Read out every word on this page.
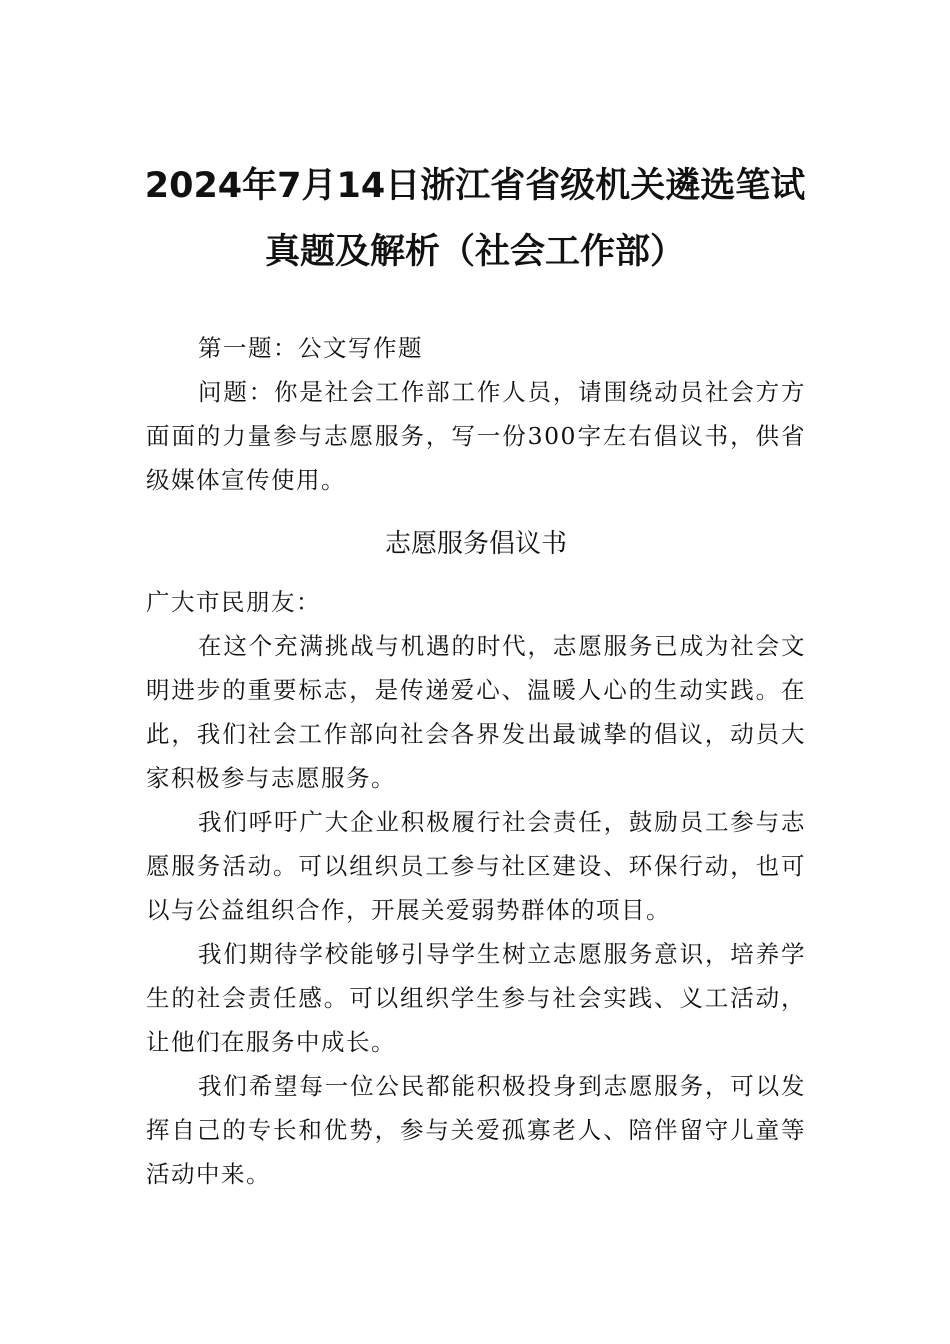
2024年7月14日浙江省省级机关遴选笔试
真题及解析（社会工作部）

第一题：公文写作题

问题：你是社会工作部工作人员，请围绕动员社会方方面面的力量参与志愿服务，写一份300字左右倡议书，供省级媒体宣传使用。

志愿服务倡议书

广大市民朋友：

在这个充满挑战与机遇的时代，志愿服务已成为社会文明进步的重要标志，是传递爱心、温暖人心的生动实践。在此，我们社会工作部向社会各界发出最诚挚的倡议，动员大家积极参与志愿服务。

我们呼吁广大企业积极履行社会责任，鼓励员工参与志愿服务活动。可以组织员工参与社区建设、环保行动，也可以与公益组织合作，开展关爱弱势群体的项目。

我们期待学校能够引导学生树立志愿服务意识，培养学生的社会责任感。可以组织学生参与社会实践、义工活动，让他们在服务中成长。

我们希望每一位公民都能积极投身到志愿服务，可以发挥自己的专长和优势，参与关爱孤寡老人、陪伴留守儿童等活动中来。
